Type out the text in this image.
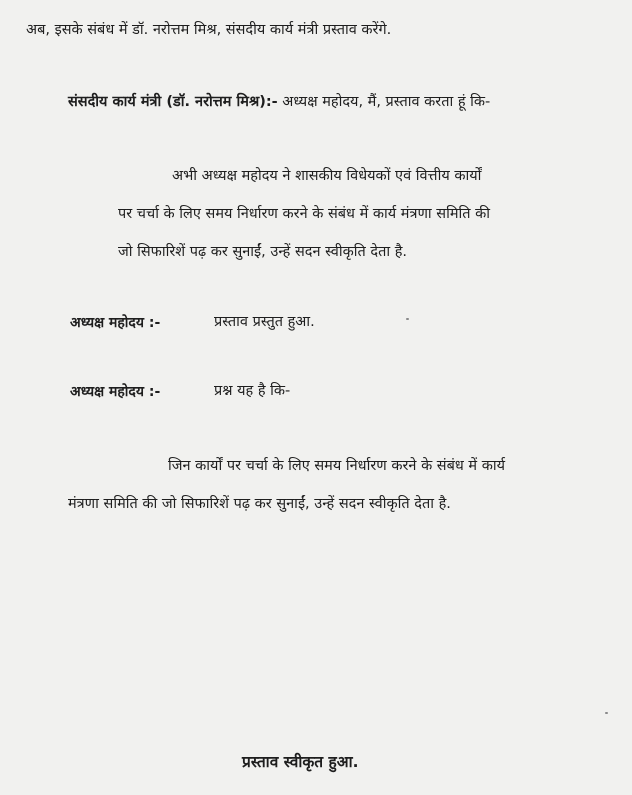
अब, इसके संबंध में डॉ. नरोत्तम मिश्र, संसदीय कार्य मंत्री प्रस्ताव करेंगे.

संसदीय कार्य मंत्री (डॉ. नरोत्तम मिश्र):- अध्यक्ष महोदय, मैं, प्रस्ताव करता हूं कि-

अभी अध्यक्ष महोदय ने शासकीय विधेयकों एवं वित्तीय कार्यों

पर चर्चा के लिए समय निर्धारण करने के संबंध में कार्य मंत्रणा समिति की

जो सिफारिशें पढ़ कर सुनाईं, उन्हें सदन स्वीकृति देता है.

अध्यक्ष महोदय :-	प्रस्ताव प्रस्तुत हुआ.
अध्यक्ष महोदय :-	प्रश्न यह है कि-

जिन कार्यों पर चर्चा के लिए समय निर्धारण करने के संबंध में कार्य

मंत्रणा समिति की जो सिफारिशें पढ़ कर सुनाईं, उन्हें सदन स्वीकृति देता है.

प्रस्ताव स्वीकृत हुआ.
